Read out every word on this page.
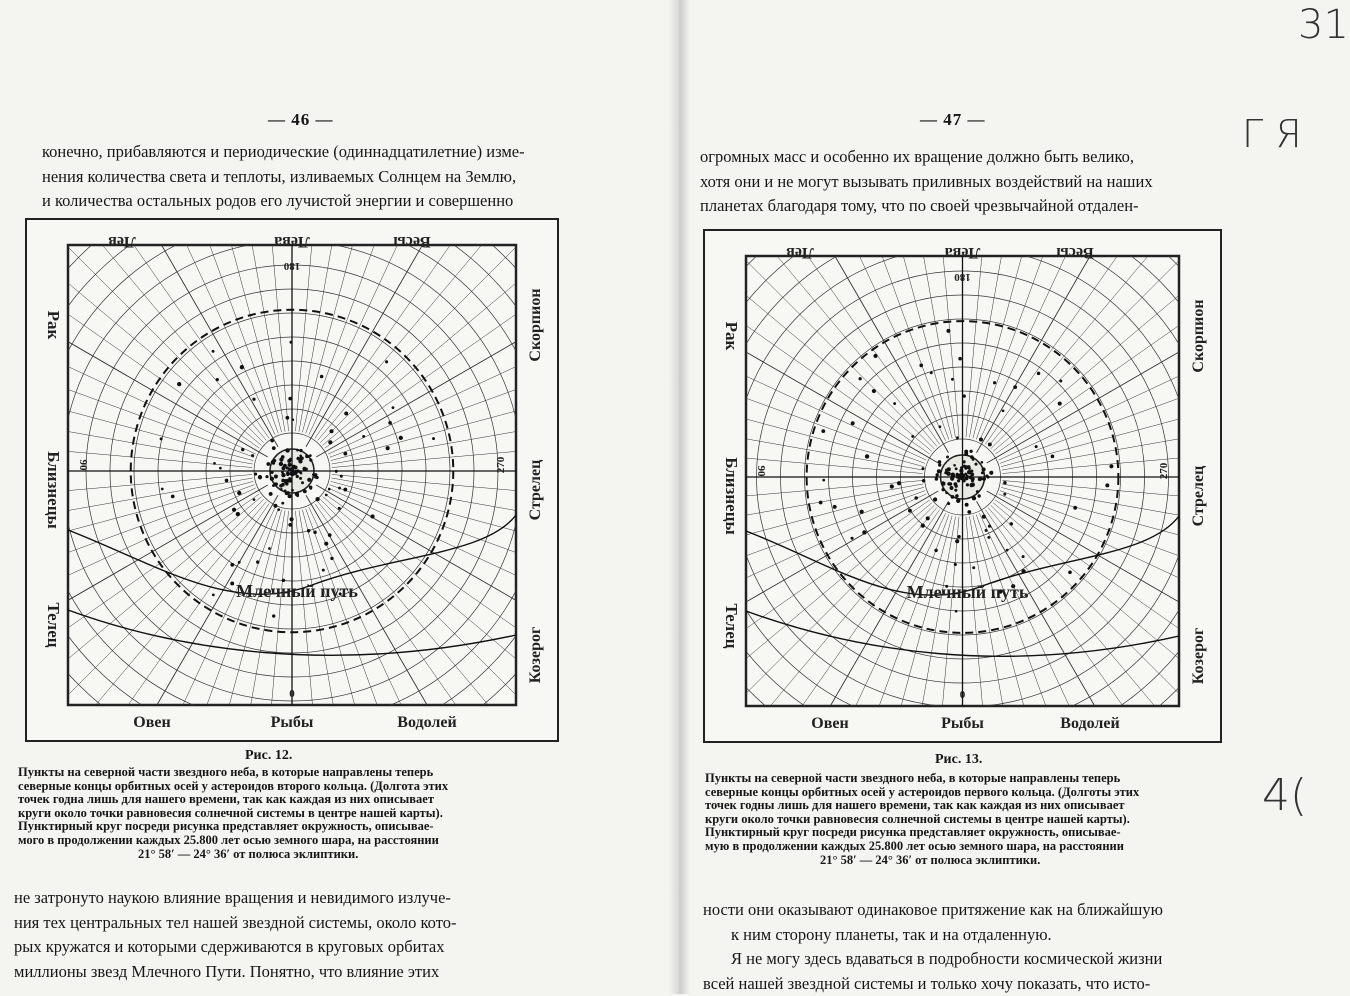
— 46 —
конечно, прибавляются и периодические (одиннадцатилетние) изме-
нения количества света и теплоты, изливаемых Солнцем на Землю,
и количества остальных родов его лучистой энергии и совершенно
Лев	Лева	Весы
Рак
Близнецы
Телец
Скорпион
Стрелец
Козерог
Овен	Рыбы	Водолей
Млечный путь
180
90	270
0
Рис. 12.
Пункты на северной части звездного неба, в которые направлены теперь
северные концы орбитных осей у астероидов второго кольца. (Долгота этих
точек годна лишь для нашего времени, так как каждая из них описывает
круги около точки равновесия солнечной системы в центре нашей карты).
Пунктирный круг посреди рисунка представляет окружность, описывае-
мого в продолжении каждых 25.800 лет осью земного шара, на расстоянии
21° 58′ — 24° 36′ от полюса эклиптики.
не затронуто наукою влияние вращения и невидимого излуче-
ния тех центральных тел нашей звездной системы, около кото-
рых кружатся и которыми сдерживаются в круговых орбитах
миллионы звезд Млечного Пути. Понятно, что влияние этих
— 47 —
огромных масс и особенно их вращение должно быть велико,
хотя они и не могут вызывать приливных воздействий на наших
планетах благодаря тому, что по своей чрезвычайной отдален-
Лев	Лева	Весы
Рак
Близнецы
Телец
Скорпион
Стрелец
Козерог
Овен	Рыбы	Водолей
Млечный путь
180
90	270
0
Рис. 13.
Пункты на северной части звездного неба, в которые направлены теперь
северные концы орбитных осей у астероидов первого кольца. (Долготы этих
точек годны лишь для нашего времени, так как каждая из них описывает
круги около точки равновесия солнечной системы в центре нашей карты).
Пунктирный круг посреди рисунка представляет окружность, описывае-
мую в продолжении каждых 25.800 лет осью земного шара, на расстоянии
21° 58′ — 24° 36′ от полюса эклиптики.
ности они оказывают одинаковое притяжение как на ближайшую
к ним сторону планеты, так и на отдаленную.
Я не могу здесь вдаваться в подробности космической жизни
всей нашей звездной системы и только хочу показать, что исто-
31
Г Я
4(
